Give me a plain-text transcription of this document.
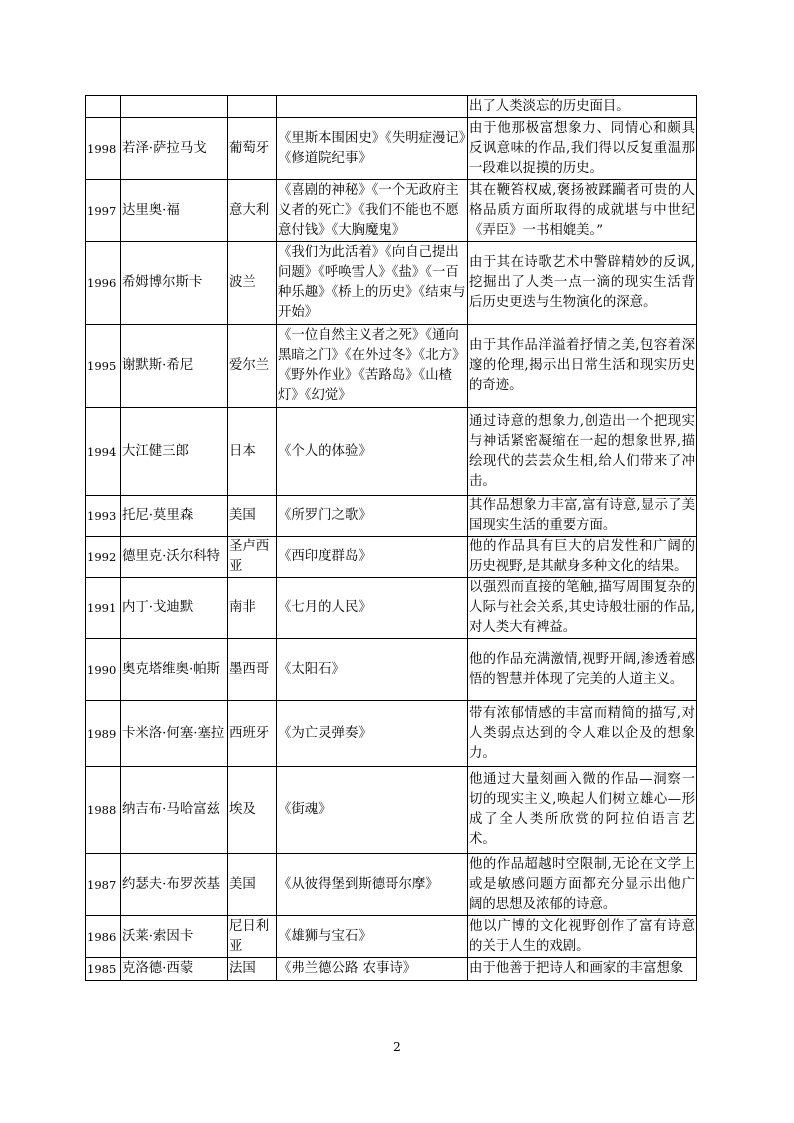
				出了人类淡忘的历史面目。
1998	若泽·萨拉马戈	葡萄牙	《里斯本围困史》《失明症漫记》《修道院纪事》	由于他那极富想象力、同情心和颇具反讽意味的作品,我们得以反复重温那一段难以捉摸的历史。
1997	达里奥·福	意大利	《喜剧的神秘》《一个无政府主义者的死亡》《我们不能也不愿意付钱》《大胸魔鬼》	其在鞭笞权威,褒扬被蹂躏者可贵的人格品质方面所取得的成就堪与中世纪《弄臣》一书相媲美。”
1996	希姆博尔斯卡	波兰	《我们为此活着》《向自己提出问题》《呼唤雪人》《盐》《一百种乐趣》《桥上的历史》《结束与开始》	由于其在诗歌艺术中警辟精妙的反讽,挖掘出了人类一点一滴的现实生活背后历史更迭与生物演化的深意。
1995	谢默斯·希尼	爱尔兰	《一位自然主义者之死》《通向黑暗之门》《在外过冬》《北方》《野外作业》《苦路岛》《山楂灯》《幻觉》	由于其作品洋溢着抒情之美,包容着深邃的伦理,揭示出日常生活和现实历史的奇迹。
1994	大江健三郎	日本	《个人的体验》	通过诗意的想象力,创造出一个把现实与神话紧密凝缩在一起的想象世界,描绘现代的芸芸众生相,给人们带来了冲击。
1993	托尼·莫里森	美国	《所罗门之歌》	其作品想象力丰富,富有诗意,显示了美国现实生活的重要方面。
1992	德里克·沃尔科特	圣卢西亚	《西印度群岛》	他的作品具有巨大的启发性和广阔的历史视野,是其献身多种文化的结果。
1991	内丁·戈迪默	南非	《七月的人民》	以强烈而直接的笔触,描写周围复杂的人际与社会关系,其史诗般壮丽的作品,对人类大有裨益。
1990	奥克塔维奥·帕斯	墨西哥	《太阳石》	他的作品充满激情,视野开阔,渗透着感悟的智慧并体现了完美的人道主义。
1989	卡米洛·何塞·塞拉	西班牙	《为亡灵弹奏》	带有浓郁情感的丰富而精简的描写,对人类弱点达到的令人难以企及的想象力。
1988	纳吉布·马哈富兹	埃及	《街魂》	他通过大量刻画入微的作品—洞察一切的现实主义,唤起人们树立雄心—形成了全人类所欣赏的阿拉伯语言艺术。
1987	约瑟夫·布罗茨基	美国	《从彼得堡到斯德哥尔摩》	他的作品超越时空限制,无论在文学上或是敏感问题方面都充分显示出他广阔的思想及浓郁的诗意。
1986	沃莱·索因卡	尼日利亚	《雄狮与宝石》	他以广博的文化视野创作了富有诗意的关于人生的戏剧。
1985	克洛德·西蒙	法国	《弗兰德公路 农事诗》	由于他善于把诗人和画家的丰富想象
2
